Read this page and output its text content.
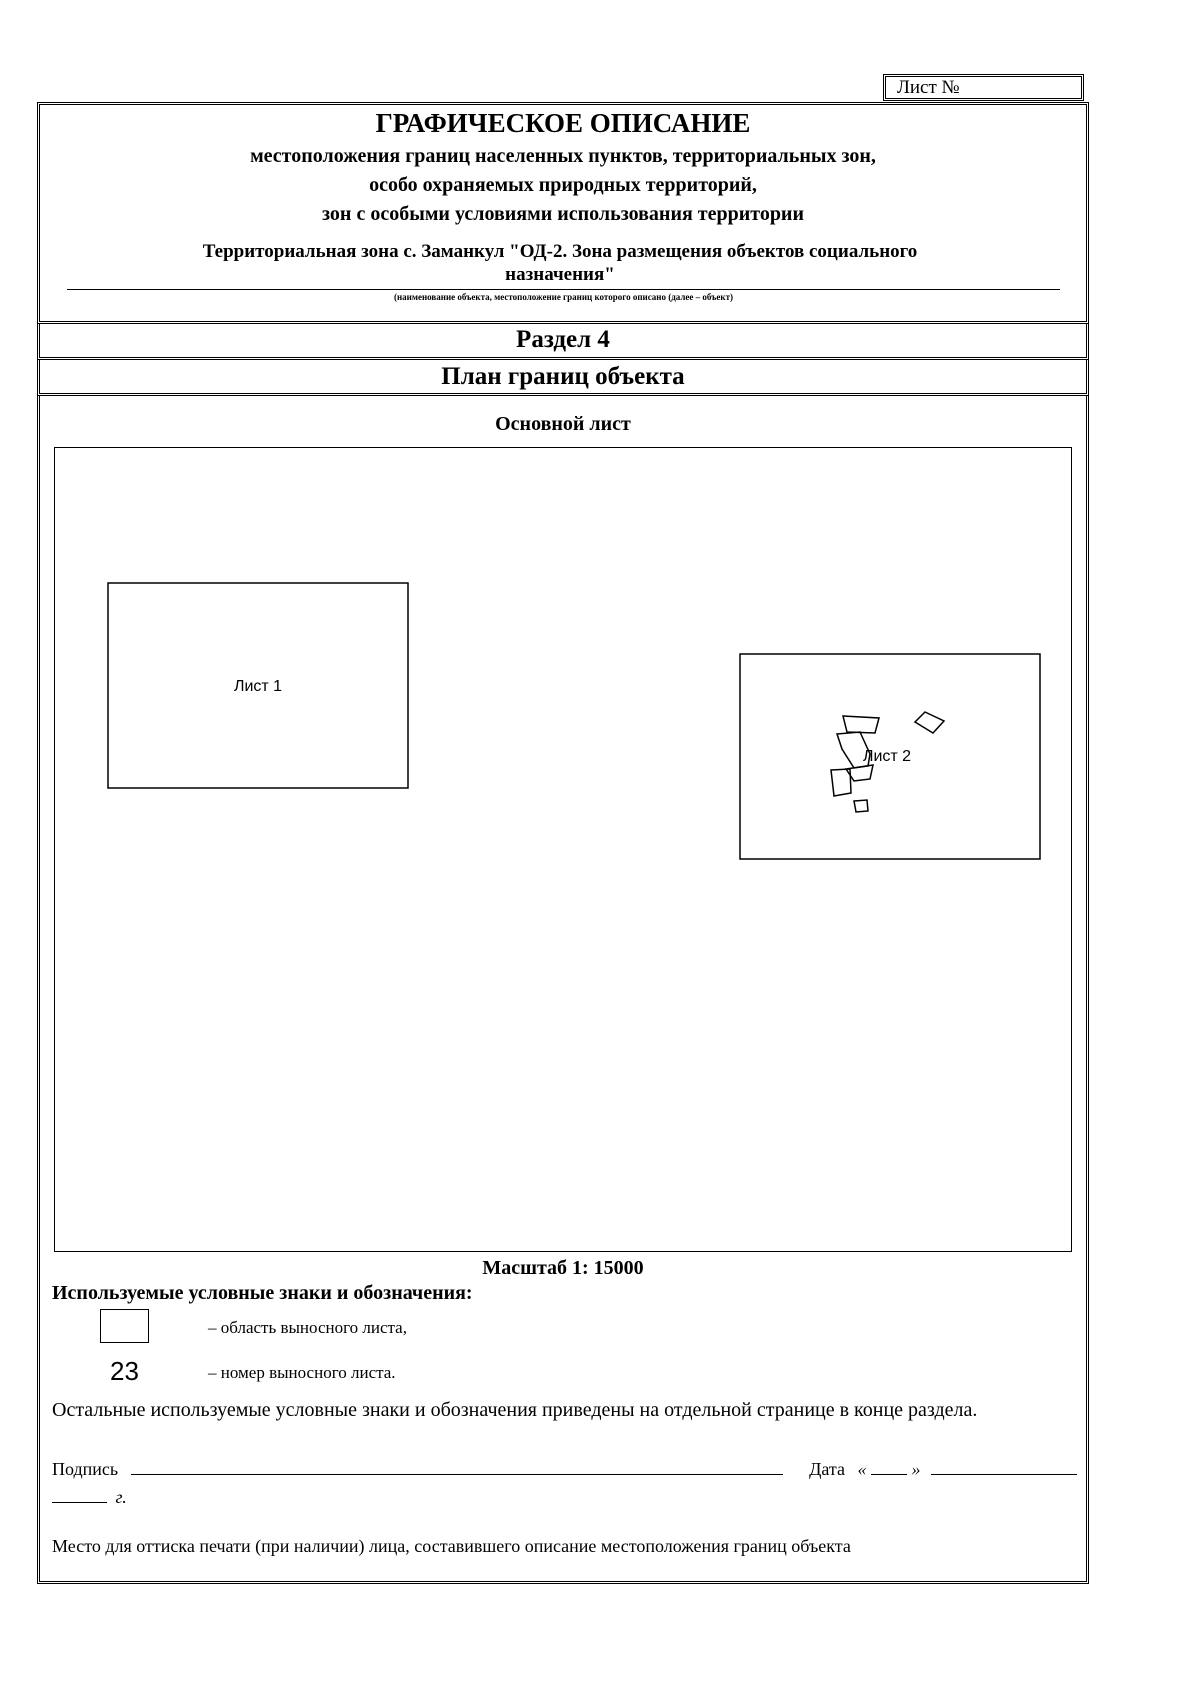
Лист №
ГРАФИЧЕСКОЕ ОПИСАНИЕ
местоположения границ населенных пунктов, территориальных зон,
особо охраняемых природных территорий,
зон с особыми условиями использования территории
Территориальная зона с. Заманкул "ОД-2. Зона размещения объектов социального
назначения"
(наименование объекта, местоположение границ которого описано (далее – объект)
Раздел 4
План границ объекта
Основной лист
Лист 1
Лист 2
Масштаб 1: 15000
Используемые условные знаки и обозначения:
– область выносного листа,
23	– номер выносного листа.
Остальные используемые условные знаки и обозначения приведены на отдельной странице в конце раздела.
Подпись	Дата «	»
г.
Место для оттиска печати (при наличии) лица, составившего описание местоположения границ объекта
